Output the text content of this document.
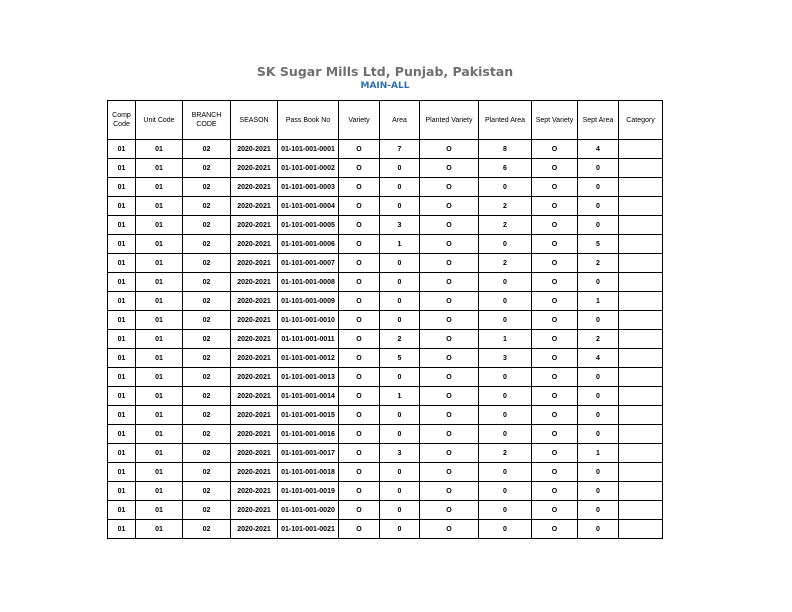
SK Sugar Mills Ltd, Punjab, Pakistan
MAIN-ALL
Comp Code	Unit Code	BRANCH CODE	SEASON	Pass Book No	Variety	Area	Planted Variety	Planted Area	Sept Variety	Sept Area	Category
01	01	02	2020-2021	01-101-001-0001	O	7	O	8	O	4	
01	01	02	2020-2021	01-101-001-0002	O	0	O	6	O	0	
01	01	02	2020-2021	01-101-001-0003	O	0	O	0	O	0	
01	01	02	2020-2021	01-101-001-0004	O	0	O	2	O	0	
01	01	02	2020-2021	01-101-001-0005	O	3	O	2	O	0	
01	01	02	2020-2021	01-101-001-0006	O	1	O	0	O	5	
01	01	02	2020-2021	01-101-001-0007	O	0	O	2	O	2	
01	01	02	2020-2021	01-101-001-0008	O	0	O	0	O	0	
01	01	02	2020-2021	01-101-001-0009	O	0	O	0	O	1	
01	01	02	2020-2021	01-101-001-0010	O	0	O	0	O	0	
01	01	02	2020-2021	01-101-001-0011	O	2	O	1	O	2	
01	01	02	2020-2021	01-101-001-0012	O	5	O	3	O	4	
01	01	02	2020-2021	01-101-001-0013	O	0	O	0	O	0	
01	01	02	2020-2021	01-101-001-0014	O	1	O	0	O	0	
01	01	02	2020-2021	01-101-001-0015	O	0	O	0	O	0	
01	01	02	2020-2021	01-101-001-0016	O	0	O	0	O	0	
01	01	02	2020-2021	01-101-001-0017	O	3	O	2	O	1	
01	01	02	2020-2021	01-101-001-0018	O	0	O	0	O	0	
01	01	02	2020-2021	01-101-001-0019	O	0	O	0	O	0	
01	01	02	2020-2021	01-101-001-0020	O	0	O	0	O	0	
01	01	02	2020-2021	01-101-001-0021	O	0	O	0	O	0	
